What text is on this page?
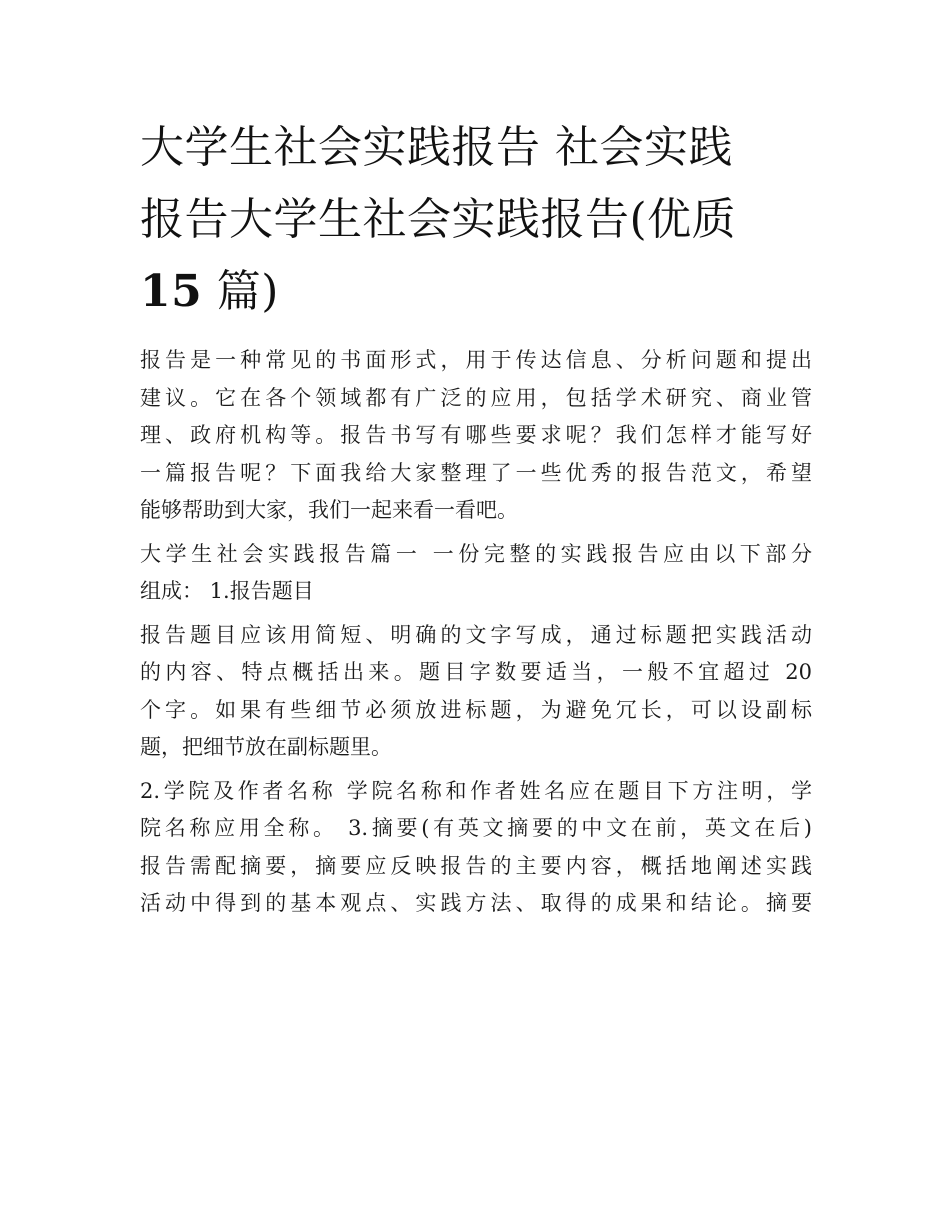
大学生社会实践报告 社会实践
报告大学生社会实践报告(优质
15 篇)

报告是一种常见的书面形式，用于传达信息、分析问题和提出
建议。它在各个领域都有广泛的应用，包括学术研究、商业管
理、政府机构等。报告书写有哪些要求呢？我们怎样才能写好
一篇报告呢？下面我给大家整理了一些优秀的报告范文，希望
能够帮助到大家，我们一起来看一看吧。

大学生社会实践报告篇一 一份完整的实践报告应由以下部分
组成： 1.报告题目

报告题目应该用简短、明确的文字写成，通过标题把实践活动
的内容、特点概括出来。题目字数要适当，一般不宜超过 20
个字。如果有些细节必须放进标题，为避免冗长，可以设副标
题，把细节放在副标题里。

2.学院及作者名称 学院名称和作者姓名应在题目下方注明，学
院名称应用全称。 3.摘要(有英文摘要的中文在前，英文在后)
报告需配摘要，摘要应反映报告的主要内容，概括地阐述实践
活动中得到的基本观点、实践方法、取得的成果和结论。摘要
